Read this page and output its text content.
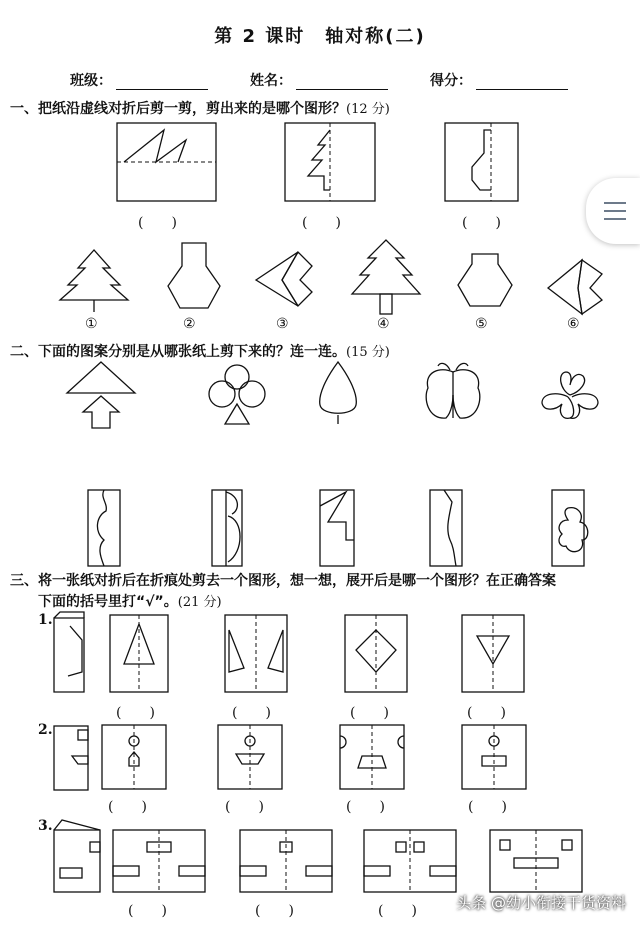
第 2 课时　轴对称(二)
班级：	姓名：	得分：
一、把纸沿虚线对折后剪一剪，剪出来的是哪个图形？(12 分)
(　　)	(　　)	(　　)
①	②	③	④	⑤	⑥
二、下面的图案分别是从哪张纸上剪下来的？连一连。(15 分)
三、将一张纸对折后在折痕处剪去一个图形，想一想，展开后是哪一个图形？在正确答案
下面的括号里打“√”。(21 分)
1.
2.
3.
(　　)	(　　)	(　　)	(　　)
(　　)	(　　)	(　　)	(　　)
(　　)	(　　)	(　　)	头条 @幼小衔接干货资料
